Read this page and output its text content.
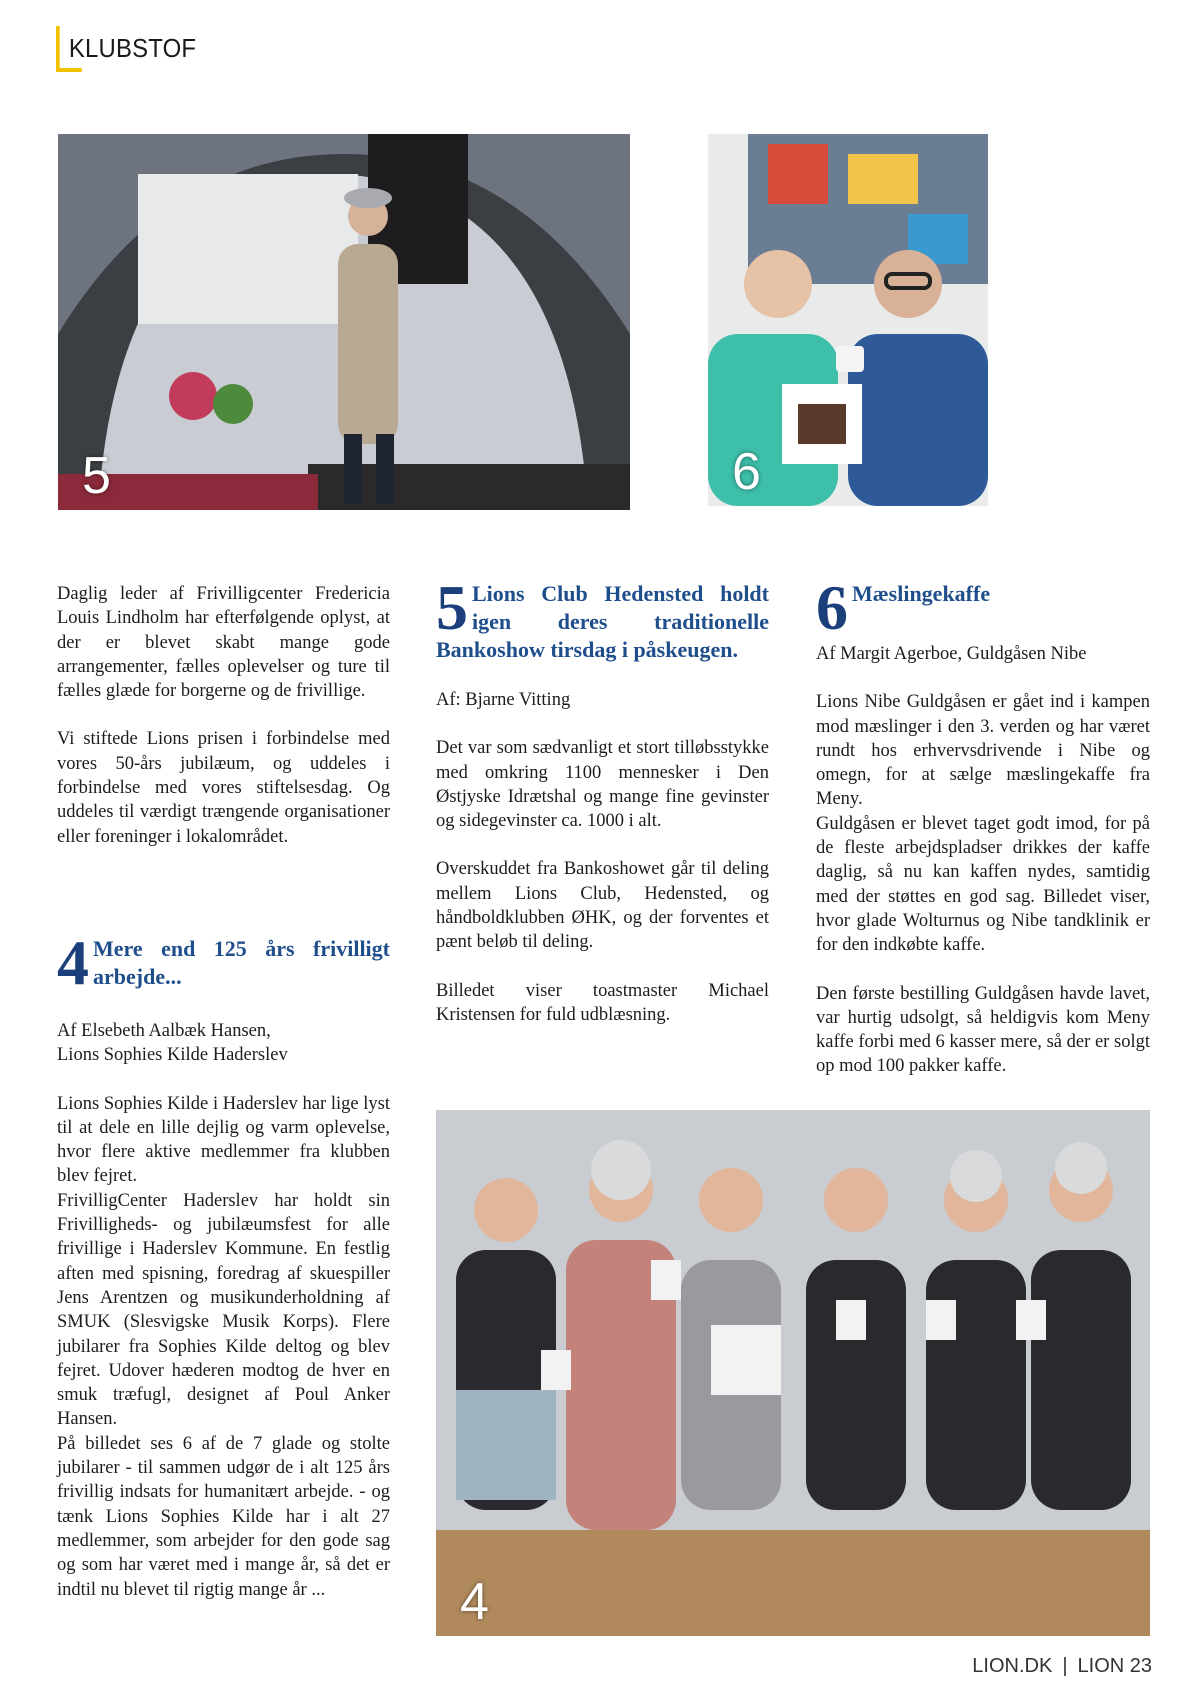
KLUBSTOF
5	6
4

Daglig leder af Frivilligcenter Fredericia Louis Lindholm har efterfølgende oplyst, at der er blevet skabt mange gode arrangementer, fælles oplevelser og ture til fælles glæde for borgerne og de frivillige.

Vi stiftede Lions prisen i forbindelse med vores 50-års jubilæum, og uddeles i forbindelse med vores stiftelsesdag. Og uddeles til værdigt trængende organisationer eller foreninger i lokalområdet.

4 Mere end 125 års frivilligt arbejde...

Af Elsebeth Aalbæk Hansen,

Lions Sophies Kilde Haderslev

Lions Sophies Kilde i Haderslev har lige lyst til at dele en lille dejlig og varm oplevelse, hvor flere aktive medlemmer fra klubben blev fejret.

FrivilligCenter Haderslev har holdt sin Frivilligheds- og jubilæumsfest for alle frivillige i Haderslev Kommune. En festlig aften med spisning, foredrag af skuespiller Jens Arentzen og musikunderholdning af SMUK (Slesvigske Musik Korps). Flere jubilarer fra Sophies Kilde deltog og blev fejret. Udover hæderen modtog de hver en smuk træfugl, designet af Poul Anker Hansen.

På billedet ses 6 af de 7 glade og stolte jubilarer - til sammen udgør de i alt 125 års frivillig indsats for humanitært arbejde. - og tænk Lions Sophies Kilde har i alt 27 medlemmer, som arbejder for den gode sag og som har været med i mange år, så det er indtil nu blevet til rigtig mange år ...

5 Lions Club Hedensted holdt igen deres traditionelle Bankoshow tirsdag i påskeugen.

Af: Bjarne Vitting

Det var som sædvanligt et stort tilløbsstykke med omkring 1100 mennesker i Den Østjyske Idrætshal og mange fine gevinster og sidegevinster ca. 1000 i alt.

Overskuddet fra Bankoshowet går til deling mellem Lions Club, Hedensted, og håndboldklubben ØHK, og der forventes et pænt beløb til deling.

Billedet viser toastmaster Michael Kristensen for fuld udblæsning.

6 Mæslingekaffe

Af Margit Agerboe, Guldgåsen Nibe

Lions Nibe Guldgåsen er gået ind i kampen mod mæslinger i den 3. verden og har været rundt hos erhvervsdrivende i Nibe og omegn, for at sælge mæslingekaffe fra Meny.

Guldgåsen er blevet taget godt imod, for på de fleste arbejdspladser drikkes der kaffe daglig, så nu kan kaffen nydes, samtidig med der støttes en god sag. Billedet viser, hvor glade Wolturnus og Nibe tandklinik er for den indkøbte kaffe.

Den første bestilling Guldgåsen havde lavet, var hurtig udsolgt, så heldigvis kom Meny kaffe forbi med 6 kasser mere, så der er solgt op mod 100 pakker kaffe.

LION.DK | LION 23
